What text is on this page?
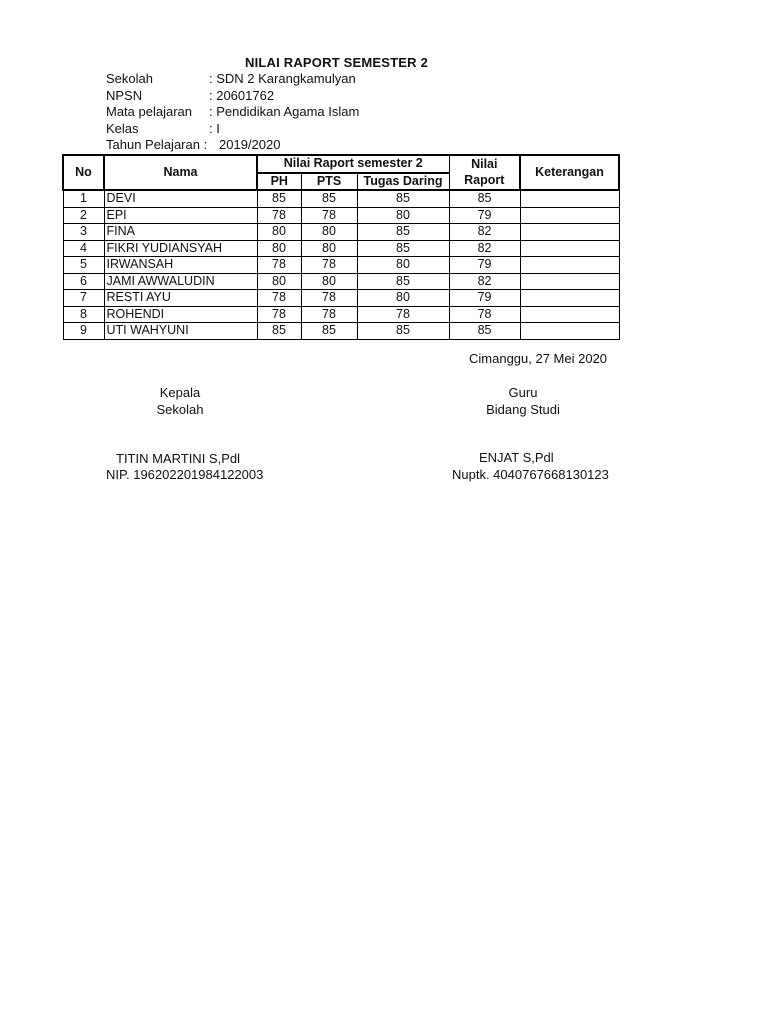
NILAI RAPORT SEMESTER 2
Sekolah	: SDN 2 Karangkamulyan
NPSN	: 20601762
Mata pelajaran : Pendidikan Agama Islam
Kelas	: I
Tahun Pelajaran : 2019/2020
No	Nama	Nilai Raport semester 2			Nilai	Keterangan
		PH	PTS	Tugas Daring	Raport	
1	DEVI	85	85	85	85	
2	EPI	78	78	80	79	
3	FINA	80	80	85	82	
4	FIKRI YUDIANSYAH	80	80	85	82	
5	IRWANSAH	78	78	80	79	
6	JAMI AWWALUDIN	80	80	85	82	
7	RESTI AYU	78	78	80	79	
8	ROHENDI	78	78	78	78	
9	UTI WAHYUNI	85	85	85	85	
Cimanggu, 27 Mei 2020
Kepala
Sekolah
Guru
Bidang Studi
TITIN MARTINI S,Pdl
NIP. 196202201984122003
ENJAT S,Pdl
Nuptk. 4040767668130123
